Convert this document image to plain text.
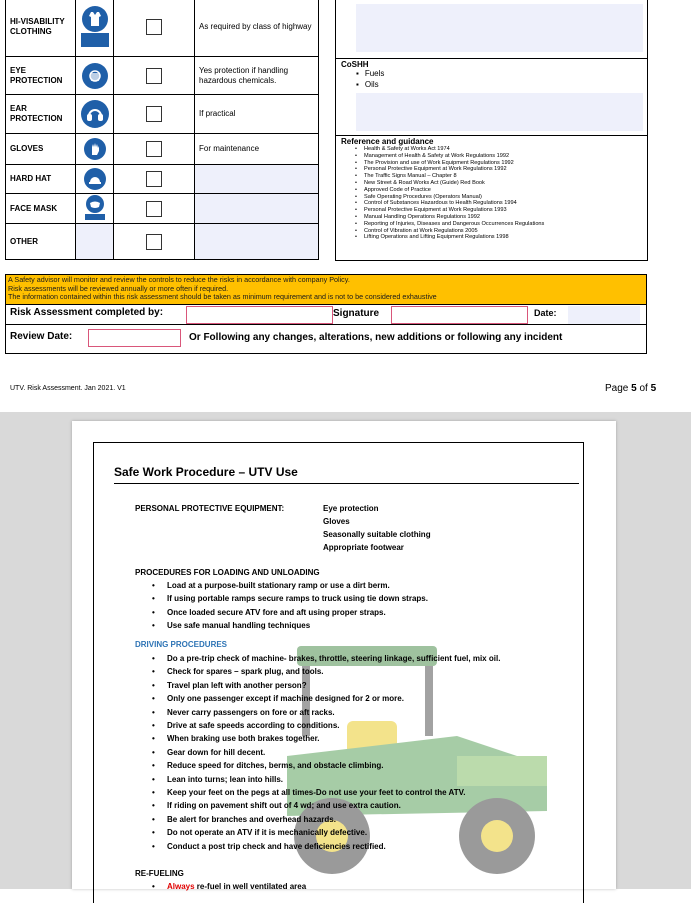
HI-VISABILITY CLOTHING			As required by class of highway
EYE PROTECTION			Yes protection if handling hazardous chemicals.
EAR PROTECTION			If practical
GLOVES			For maintenance
HARD HAT	

FACE MASK	

OTHER			
CoSHH
▪ Fuels
▪ Oils
Reference and guidance
• Health & Safety at Works Act 1974
• Management of Health & Safety at Work Regulations 1992
• The Provision and use of Work Equipment Regulations 1992
• Personal Protective Equipment at Work Regulations 1992
• The Traffic Signs Manual – Chapter 8
• New Street & Road Works Act (Guide) Red Book
• Approved Code of Practice
• Safe Operating Procedures (Operators Manual)
• Control of Substances Hazardous to Health Regulations 1994
• Personal Protective Equipment at Work Regulations 1993
• Manual Handling Operations Regulations 1992
• Reporting of Injuries, Diseases and Dangerous Occurrences Regulations
• Control of Vibration at Work Regulations 2005
• Lifting Operations and Lifting Equipment Regulations 1998
A Safety advisor will monitor and review the controls to reduce the risks in accordance with company Policy.
Risk assessments will be reviewed annually or more often if required.
The information contained within this risk assessment should be taken as minimum requirement and is not to be considered exhaustive
Risk Assessment completed by:	Signature	Date:
Review Date:	Or Following any changes, alterations, new additions or following any incident
UTV. Risk Assessment. Jan 2021. V1	Page 5 of 5
Safe Work Procedure – UTV Use
PERSONAL PROTECTIVE EQUIPMENT:	Eye protection
Gloves
Seasonally suitable clothing
Appropriate footwear
PROCEDURES FOR LOADING AND UNLOADING
• Load at a purpose-built stationary ramp or use a dirt berm.
• If using portable ramps secure ramps to truck using tie down straps.
• Once loaded secure ATV fore and aft using proper straps.
• Use safe manual handling techniques
DRIVING PROCEDURES
• Do a pre-trip check of machine- brakes, throttle, steering linkage, sufficient fuel, mix oil.
• Check for spares – spark plug, and tools.
• Travel plan left with another person?
• Only one passenger except if machine designed for 2 or more.
• Never carry passengers on fore or aft racks.
• Drive at safe speeds according to conditions.
• When braking use both brakes together.
• Gear down for hill decent.
• Reduce speed for ditches, berms, and obstacle climbing.
• Lean into turns; lean into hills.
• Keep your feet on the pegs at all times-Do not use your feet to control the ATV.
• If riding on pavement shift out of 4 wd; and use extra caution.
• Be alert for branches and overhead hazards.
• Do not operate an ATV if it is mechanically defective.
• Conduct a post trip check and have deficiencies rectified.
RE-FUELING
• Always re-fuel in well ventilated area
